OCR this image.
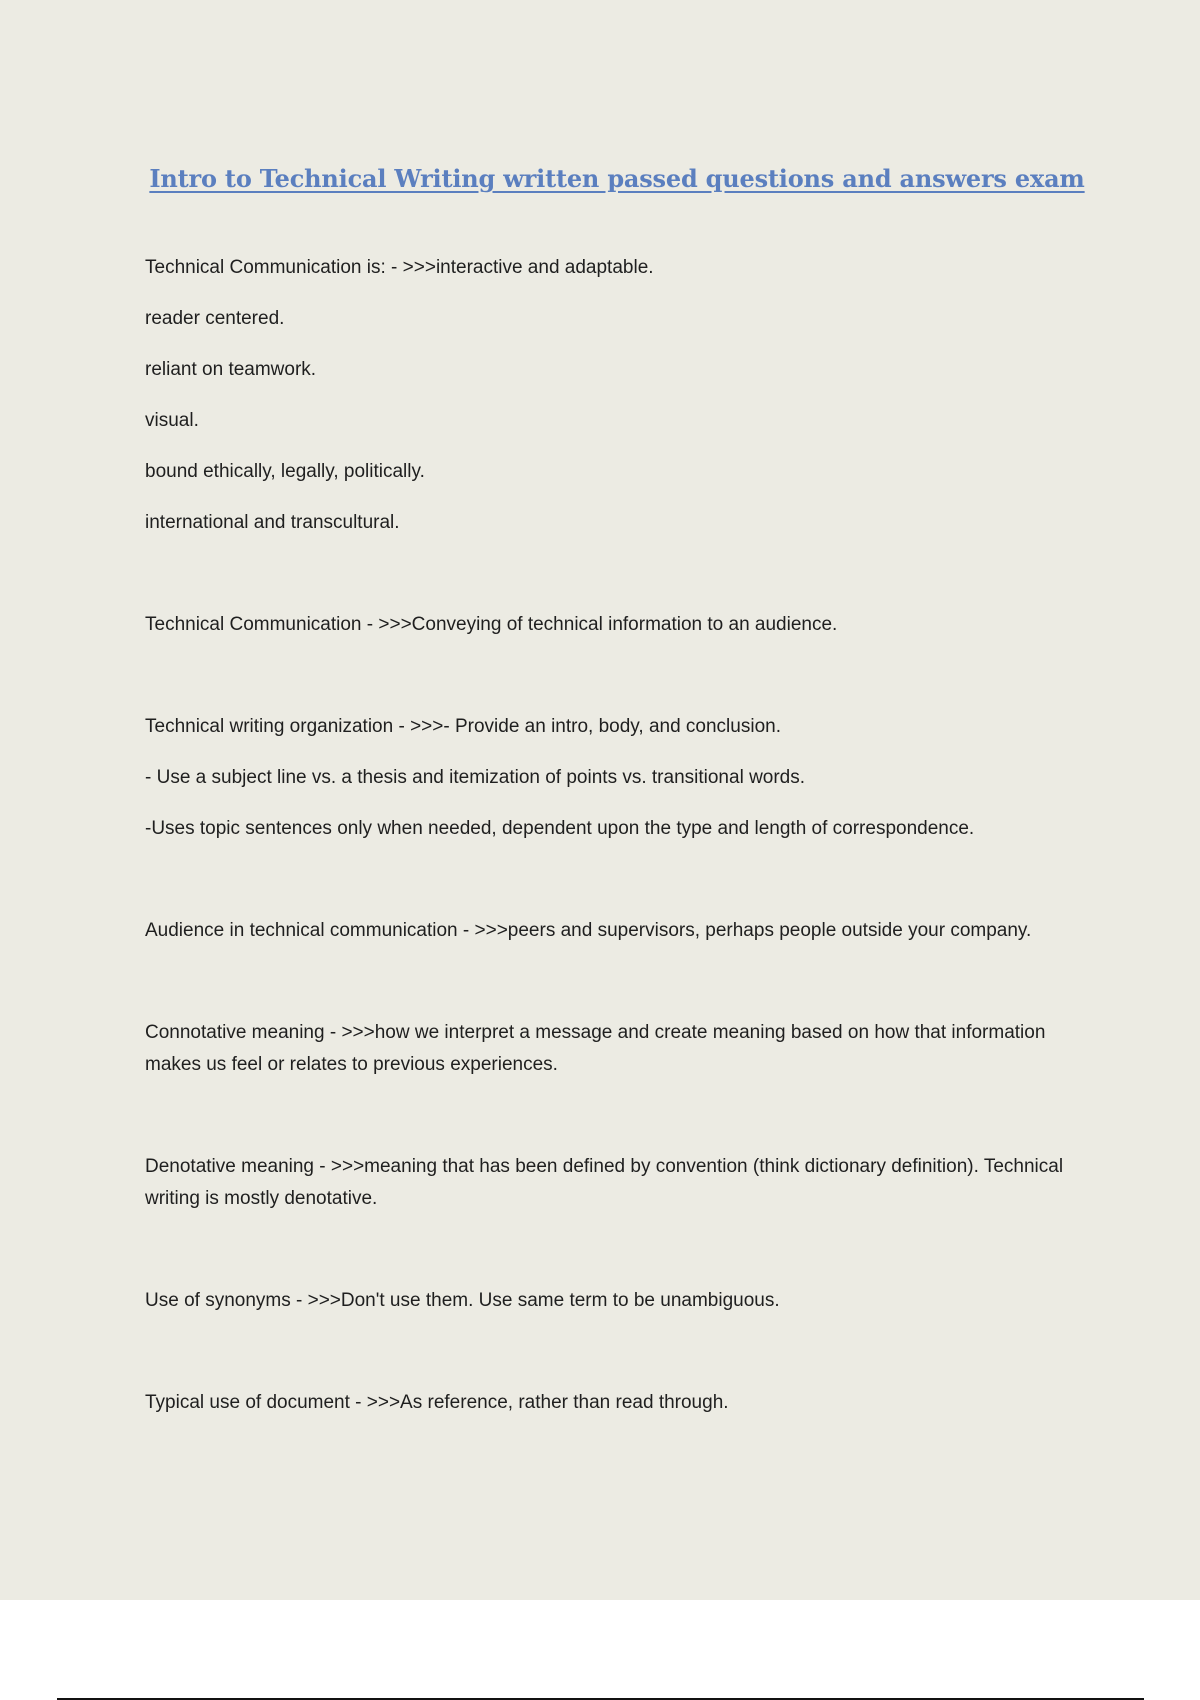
Intro to Technical Writing written passed questions and answers exam

Technical Communication is: - >>>interactive and adaptable.

reader centered.

reliant on teamwork.

visual.

bound ethically, legally, politically.

international and transcultural.

Technical Communication - >>>Conveying of technical information to an audience.

Technical writing organization - >>>- Provide an intro, body, and conclusion.

- Use a subject line vs. a thesis and itemization of points vs. transitional words.

-Uses topic sentences only when needed, dependent upon the type and length of correspondence.

Audience in technical communication - >>>peers and supervisors, perhaps people outside your company.

Connotative meaning - >>>how we interpret a message and create meaning based on how that information makes us feel or relates to previous experiences.

Denotative meaning - >>>meaning that has been defined by convention (think dictionary definition). Technical writing is mostly denotative.

Use of synonyms - >>>Don't use them. Use same term to be unambiguous.

Typical use of document - >>>As reference, rather than read through.
